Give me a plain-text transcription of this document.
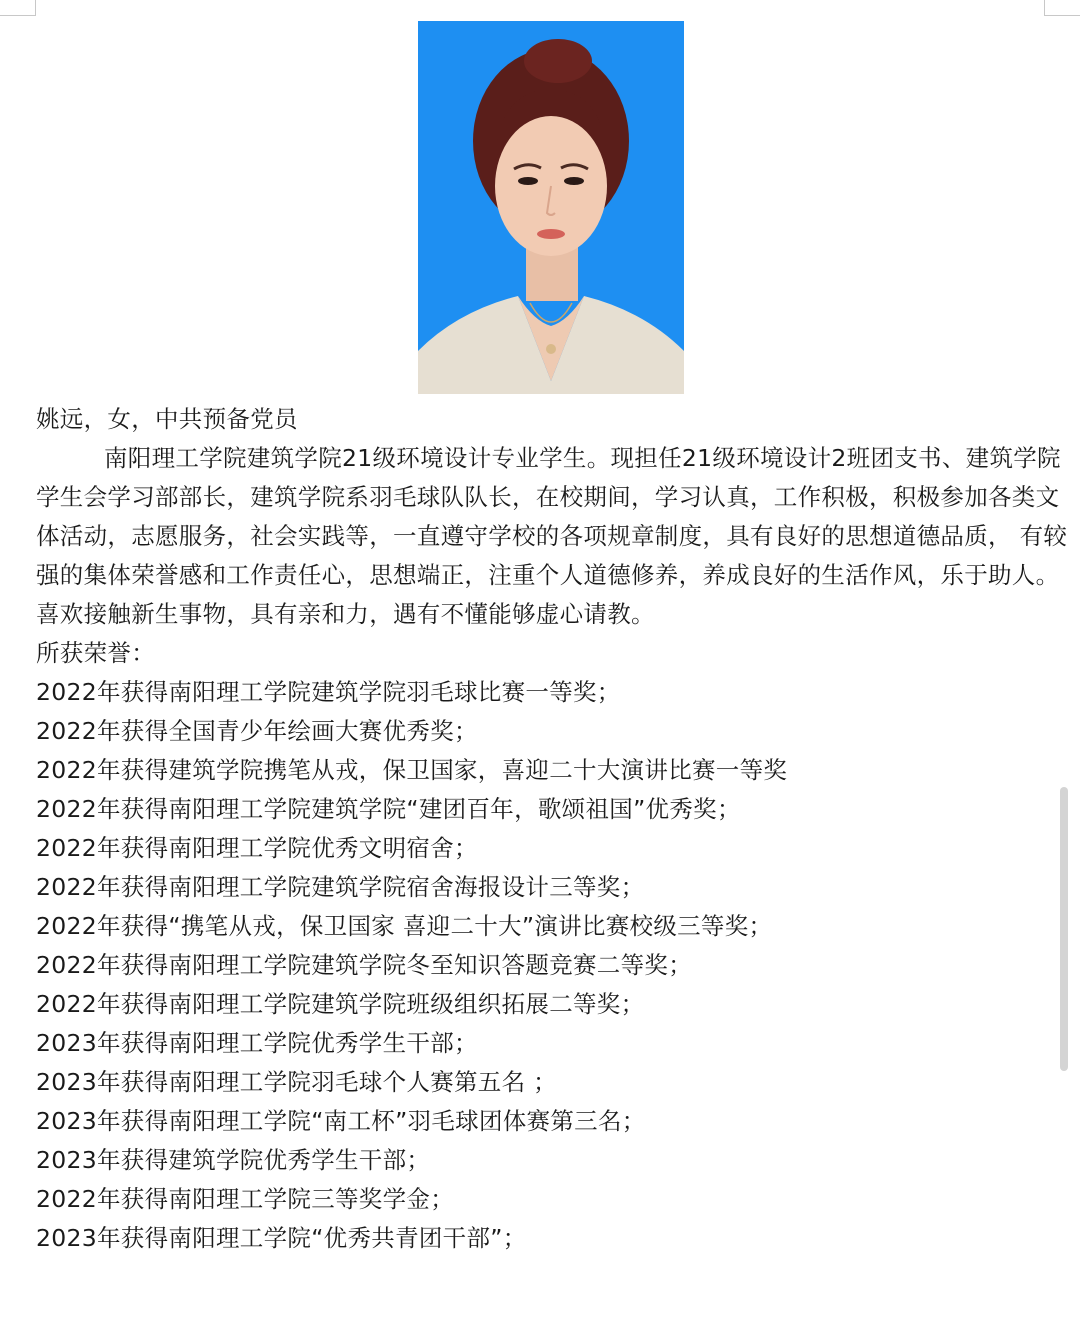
姚远，女，中共预备党员

南阳理工学院建筑学院21级环境设计专业学生。现担任21级环境设计2班团支书、建筑学院学生会学习部部长，建筑学院系羽毛球队队长，在校期间，学习认真，工作积极，积极参加各类文体活动，志愿服务，社会实践等，一直遵守学校的各项规章制度，具有良好的思想道德品质， 有较强的集体荣誉感和工作责任心，思想端正，注重个人道德修养，养成良好的生活作风，乐于助人。喜欢接触新生事物，具有亲和力，遇有不懂能够虚心请教。

所获荣誉：

2022年获得南阳理工学院建筑学院羽毛球比赛一等奖；
2022年获得全国青少年绘画大赛优秀奖；
2022年获得建筑学院携笔从戎，保卫国家，喜迎二十大演讲比赛一等奖
2022年获得南阳理工学院建筑学院“建团百年，歌颂祖国”优秀奖；
2022年获得南阳理工学院优秀文明宿舍；
2022年获得南阳理工学院建筑学院宿舍海报设计三等奖；
2022年获得“携笔从戎，保卫国家 喜迎二十大”演讲比赛校级三等奖；
2022年获得南阳理工学院建筑学院冬至知识答题竞赛二等奖；
2022年获得南阳理工学院建筑学院班级组织拓展二等奖；
2023年获得南阳理工学院优秀学生干部；
2023年获得南阳理工学院羽毛球个人赛第五名 ；
2023年获得南阳理工学院“南工杯”羽毛球团体赛第三名；
2023年获得建筑学院优秀学生干部；
2022年获得南阳理工学院三等奖学金；
2023年获得南阳理工学院“优秀共青团干部”；
